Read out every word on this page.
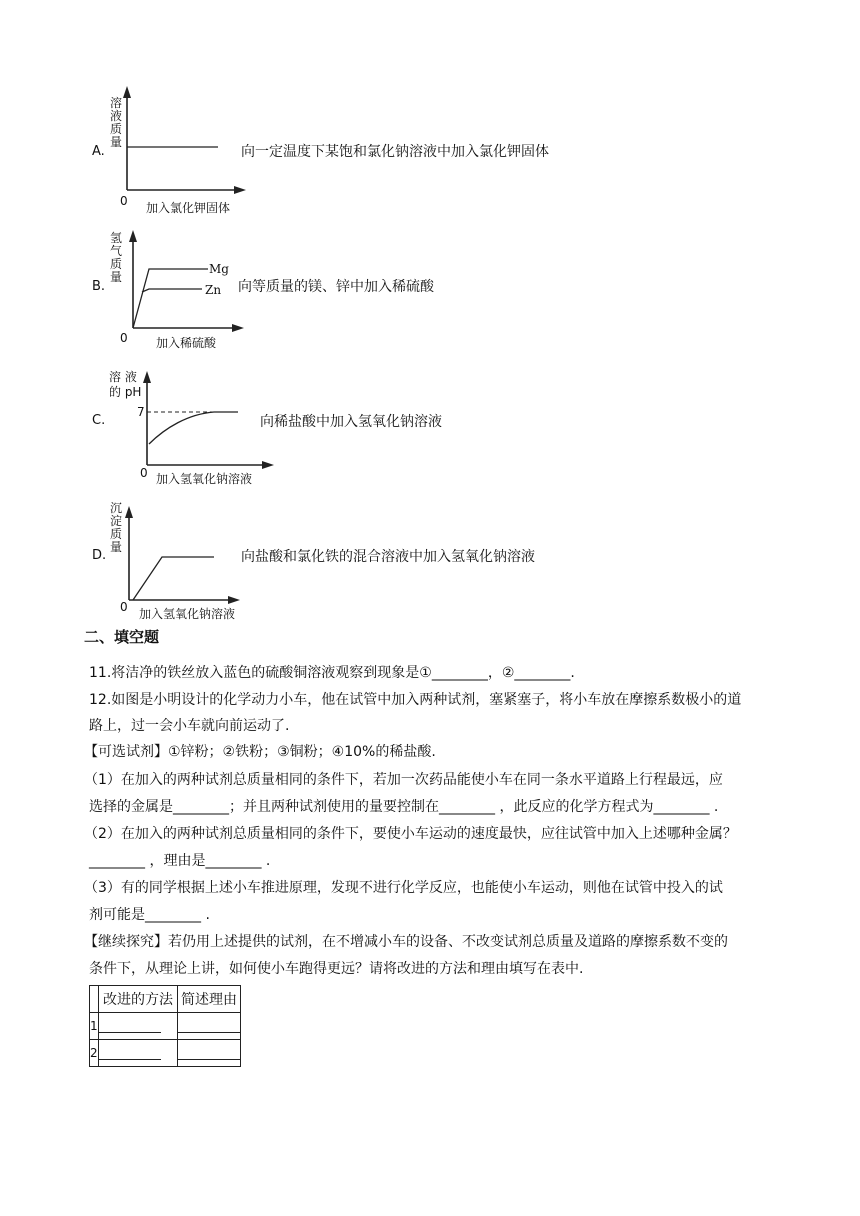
A.
溶
液
质
量
0 加入氯化钾固体
向一定温度下某饱和氯化钠溶液中加入氯化钾固体
B.
氢
气
质
量
Mg
Zn
0 加入稀硫酸
向等质量的镁、锌中加入稀硫酸
C.
溶 液
的 pH
7
0 加入氢氧化钠溶液
向稀盐酸中加入氢氧化钠溶液
D.
沉
淀
质
量
0 加入氢氧化钠溶液
向盐酸和氯化铁的混合溶液中加入氢氧化钠溶液
二、填空题
11.将洁净的铁丝放入蓝色的硫酸铜溶液观察到现象是①________，②________.
12.如图是小明设计的化学动力小车，他在试管中加入两种试剂，塞紧塞子，将小车放在摩擦系数极小的道
路上，过一会小车就向前运动了.
【可选试剂】①锌粉；②铁粉；③铜粉；④10%的稀盐酸.
（1）在加入的两种试剂总质量相同的条件下，若加一次药品能使小车在同一条水平道路上行程最远，应
选择的金属是________；并且两种试剂使用的量要控制在________ ，此反应的化学方程式为________ .
（2）在加入的两种试剂总质量相同的条件下，要使小车运动的速度最快，应往试管中加入上述哪种金属？
________ ，理由是________ .
（3）有的同学根据上述小车推进原理，发现不进行化学反应，也能使小车运动，则他在试管中投入的试
剂可能是________ .
【继续探究】若仍用上述提供的试剂，在不增减小车的设备、不改变试剂总质量及道路的摩擦系数不变的
条件下，从理论上讲，如何使小车跑得更远？请将改进的方法和理由填写在表中.
	改进的方法	简述理由
1		
2		
